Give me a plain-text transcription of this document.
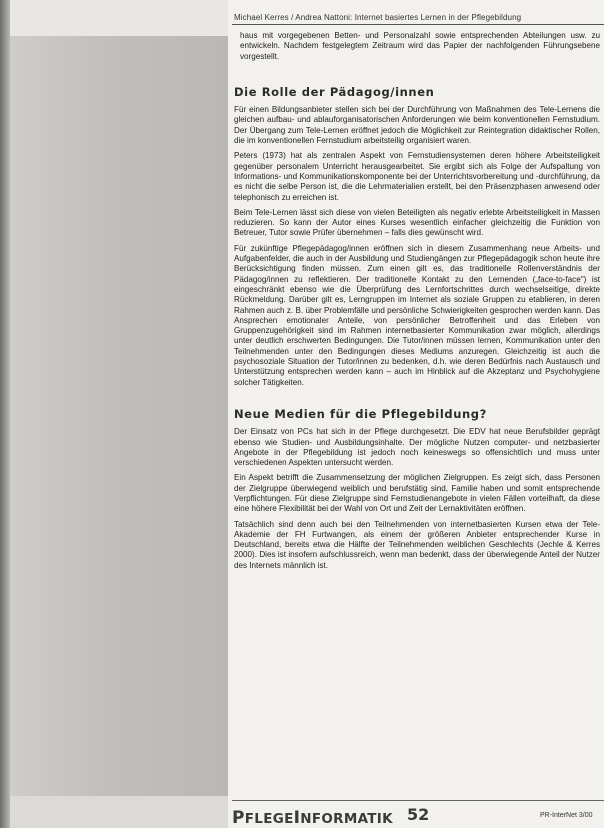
Michael Kerres / Andrea Nattoni: Internet basiertes Lernen in der Pflegebildung

haus mit vorgegebenen Betten- und Personalzahl sowie entsprechenden Abteilungen usw. zu entwickeln. Nachdem festgelegtem Zeitraum wird das Papier der nachfolgenden Führungsebene vorgestellt.

Die Rolle der Pädagog/innen

Für einen Bildungsanbieter stellen sich bei der Durchführung von Maßnahmen des Tele-Lernens die gleichen aufbau- und ablauforganisatorischen Anforderungen wie beim konventionellen Fernstudium. Der Übergang zum Tele-Lernen eröffnet jedoch die Möglichkeit zur Reintegration didaktischer Rollen, die im konventionellen Fernstudium arbeitsteilig organisiert waren.

Peters (1973) hat als zentralen Aspekt von Fernstudiensystemen deren höhere Arbeitsteiligkeit gegenüber personalem Unterricht herausgearbeitet. Sie ergibt sich als Folge der Aufspaltung von Informations- und Kommunikationskomponente bei der Unterrichtsvorbereitung und -durchführung, da es nicht die selbe Person ist, die die Lehrmaterialien erstellt, bei den Präsenzphasen anwesend oder telephonisch zu erreichen ist.

Beim Tele-Lernen lässt sich diese von vielen Beteiligten als negativ erlebte Arbeitsteiligkeit in Massen reduzieren. So kann der Autor eines Kurses wesentlich einfacher gleichzeitig die Funktion von Betreuer, Tutor sowie Prüfer übernehmen – falls dies gewünscht wird.

Für zukünftige Pflegepädagog/innen eröffnen sich in diesem Zusammenhang neue Arbeits- und Aufgabenfelder, die auch in der Ausbildung und Studiengängen zur Pflegepädagogik schon heute ihre Berücksichtigung finden müssen. Zum einen gilt es, das traditionelle Rollenverständnis der Pädagog/innen zu reflektieren. Der traditionelle Kontakt zu den Lernenden („face-to-face") ist eingeschränkt ebenso wie die Überprüfung des Lernfortschrittes durch wechselseitige, direkte Rückmeldung. Darüber gilt es, Lerngruppen im Internet als soziale Gruppen zu etablieren, in deren Rahmen auch z. B. über Problemfälle und persönliche Schwierigkeiten gesprochen werden kann. Das Ansprechen emotionaler Anteile, von persönlicher Betroffenheit und das Erleben von Gruppenzugehörigkeit sind im Rahmen internetbasierter Kommunikation zwar möglich, allerdings unter deutlich erschwerten Bedingungen. Die Tutor/innen müssen lernen, Kommunikation unter den Teilnehmenden unter den Bedingungen dieses Mediums anzuregen. Gleichzeitig ist auch die psychosoziale Situation der Tutor/innen zu bedenken, d.h. wie deren Bedürfnis nach Austausch und Unterstützung entsprechen werden kann – auch im Hinblick auf die Akzeptanz und Psychohygiene solcher Tätigkeiten.

Neue Medien für die Pflegebildung?

Der Einsatz von PCs hat sich in der Pflege durchgesetzt. Die EDV hat neue Berufsbilder geprägt ebenso wie Studien- und Ausbildungsinhalte. Der mögliche Nutzen computer- und netzbasierter Angebote in der Pflegebildung ist jedoch noch keineswegs so offensichtlich und muss unter verschiedenen Aspekten untersucht werden.

Ein Aspekt betrifft die Zusammensetzung der möglichen Zielgruppen. Es zeigt sich, dass Personen der Zielgruppe überwiegend weiblich und berufstätig sind, Familie haben und somit entsprechende Verpflichtungen. Für diese Zielgruppe sind Fernstudienangebote in vielen Fällen vorteilhaft, da diese eine höhere Flexibilität bei der Wahl von Ort und Zeit der Lernaktivitäten eröffnen.

Tatsächlich sind denn auch bei den Teilnehmenden von internetbasierten Kursen etwa der Tele-Akademie der FH Furtwangen, als einem der größeren Anbieter entsprechender Kurse in Deutschland, bereits etwa die Hälfte der Teilnehmenden weiblichen Geschlechts (Jechle & Kerres 2000). Dies ist insofern aufschlussreich, wenn man bedenkt, dass der überwiegende Anteil der Nutzer des Internets männlich ist.

PFLEGEINFORMATIK 52	PR-InterNet 3/00
